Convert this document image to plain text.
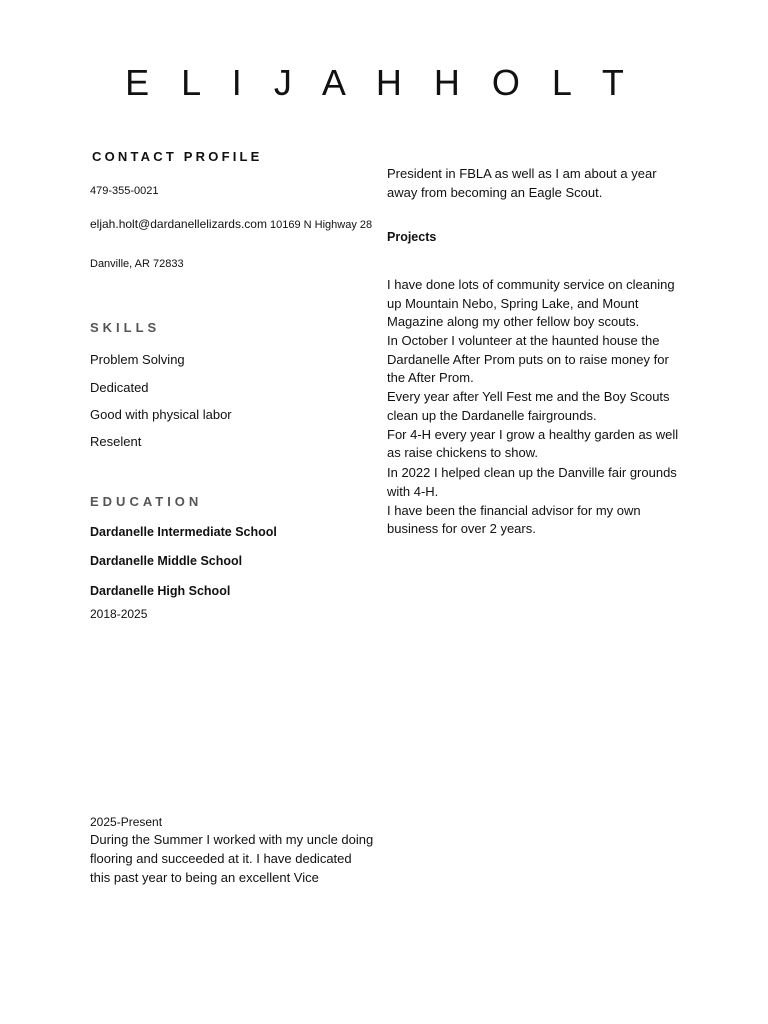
E L I J A H H O L T
CONTACT PROFILE
479-355-0021
eljah.holt@dardanellelizards.com 10169 N Highway 28
Danville, AR 72833
SKILLS
Problem Solving
Dedicated
Good with physical labor
Reselent
EDUCATION
Dardanelle Intermediate School
Dardanelle Middle School
Dardanelle High School
2018-2025
2025-Present
During the Summer I worked with my uncle doing
flooring and succeeded at it. I have dedicated
this past year to being an excellent Vice
President in FBLA as well as I am about a year
away from becoming an Eagle Scout.
Projects
I have done lots of community service on cleaning
up Mountain Nebo, Spring Lake, and Mount
Magazine along my other fellow boy scouts.
In October I volunteer at the haunted house the
Dardanelle After Prom puts on to raise money for
the After Prom.
Every year after Yell Fest me and the Boy Scouts
clean up the Dardanelle fairgrounds.
For 4-H every year I grow a healthy garden as well
as raise chickens to show.
In 2022 I helped clean up the Danville fair grounds
with 4-H.
I have been the financial advisor for my own
business for over 2 years.
